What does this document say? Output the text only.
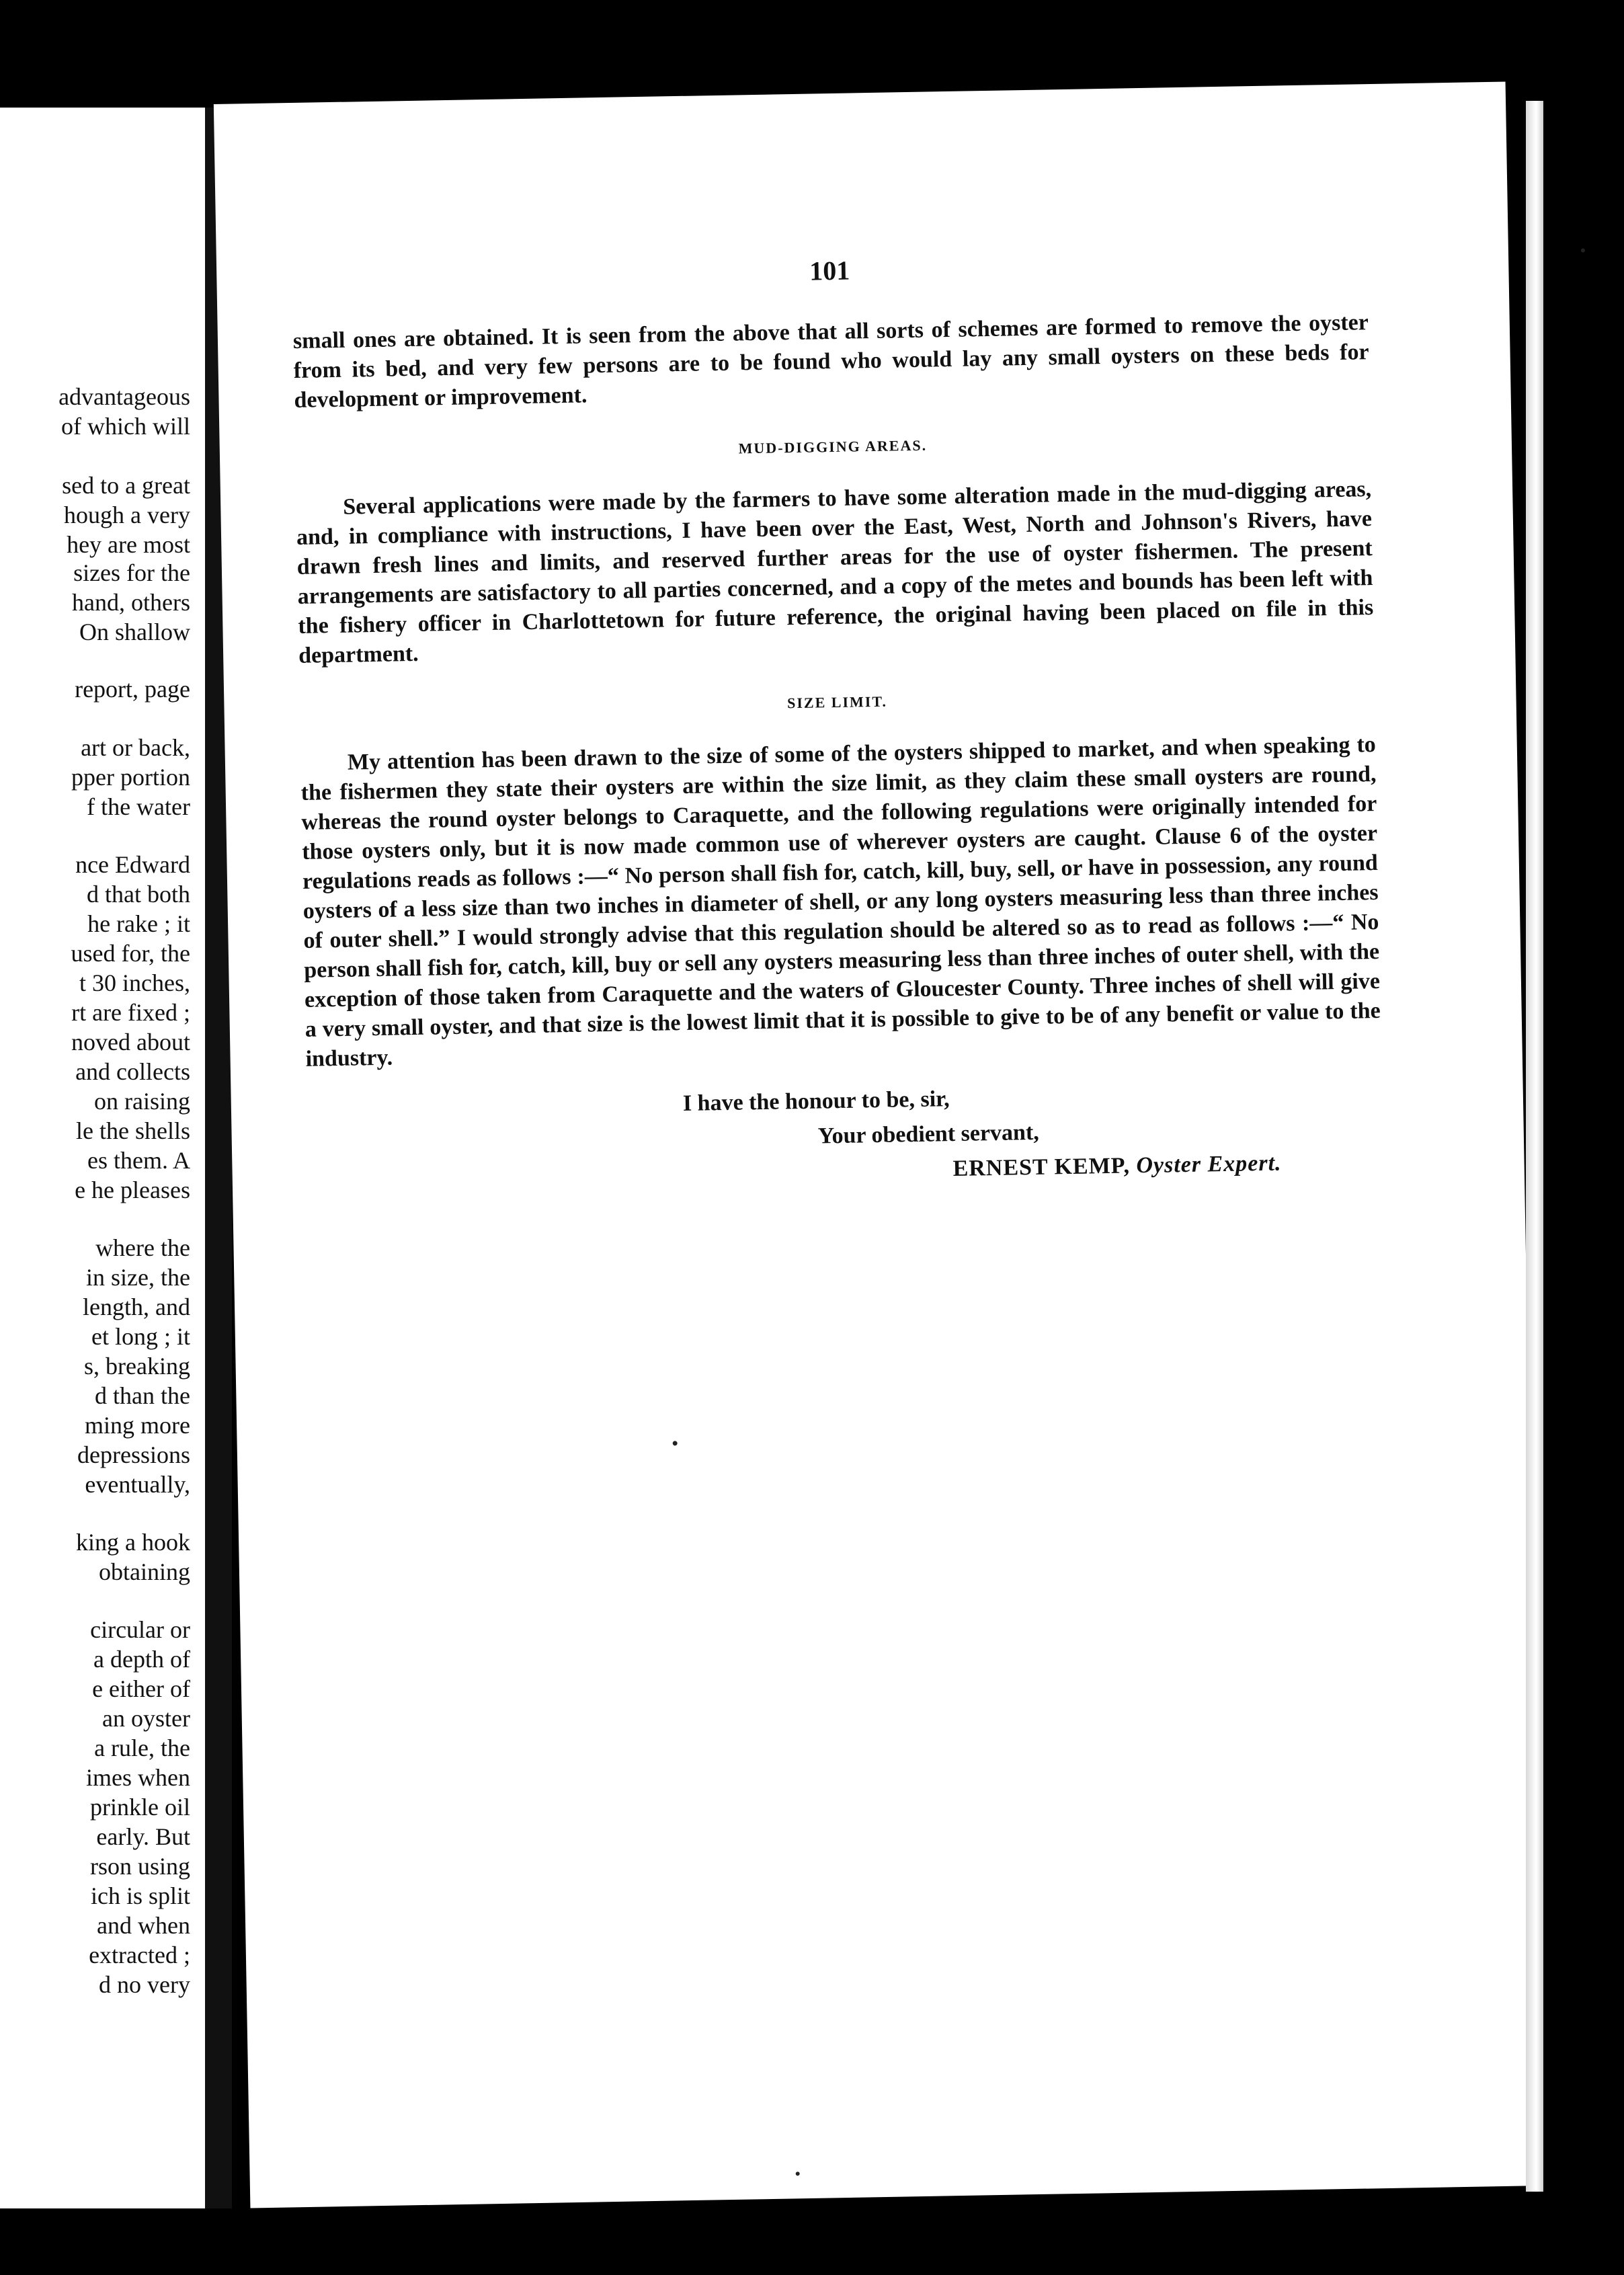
advantageous
of which will
sed to a great
hough a very
hey are most
sizes for the
hand, others
On shallow
report, page
art or back,
pper portion
f the water
nce Edward
d that both
he rake ; it
used for, the
t 30 inches,
rt are fixed ;
noved about
and collects
on raising
le the shells
es them. A
e he pleases
where the
in size, the
length, and
et long ; it
s, breaking
d than the
ming more
depressions
eventually,
king a hook
obtaining
circular or
a depth of
e either of
an oyster
a rule, the
imes when
prinkle oil
early. But
rson using
ich is split
and when
extracted ;
d no very
101

small ones are obtained. It is seen from the above that all sorts of schemes are formed to remove the oyster from its bed, and very few persons are to be found who would lay any small oysters on these beds for development or improvement.

MUD-DIGGING AREAS.

Several applications were made by the farmers to have some alteration made in the mud-digging areas, and, in compliance with instructions, I have been over the East, West, North and Johnson's Rivers, have drawn fresh lines and limits, and reserved further areas for the use of oyster fishermen. The present arrangements are satisfactory to all parties concerned, and a copy of the metes and bounds has been left with the fishery officer in Charlottetown for future reference, the original having been placed on file in this department.

SIZE LIMIT.

My attention has been drawn to the size of some of the oysters shipped to market, and when speaking to the fishermen they state their oysters are within the size limit, as they claim these small oysters are round, whereas the round oyster belongs to Caraquette, and the following regulations were originally intended for those oysters only, but it is now made common use of wherever oysters are caught. Clause 6 of the oyster regulations reads as follows :—“ No person shall fish for, catch, kill, buy, sell, or have in possession, any round oysters of a less size than two inches in diameter of shell, or any long oysters measuring less than three inches of outer shell.” I would strongly advise that this regulation should be altered so as to read as follows :—“ No person shall fish for, catch, kill, buy or sell any oysters measuring less than three inches of outer shell, with the exception of those taken from Caraquette and the waters of Gloucester County. Three inches of shell will give a very small oyster, and that size is the lowest limit that it is possible to give to be of any benefit or value to the industry.

I have the honour to be, sir,
Your obedient servant,
ERNEST KEMP, Oyster Expert.
